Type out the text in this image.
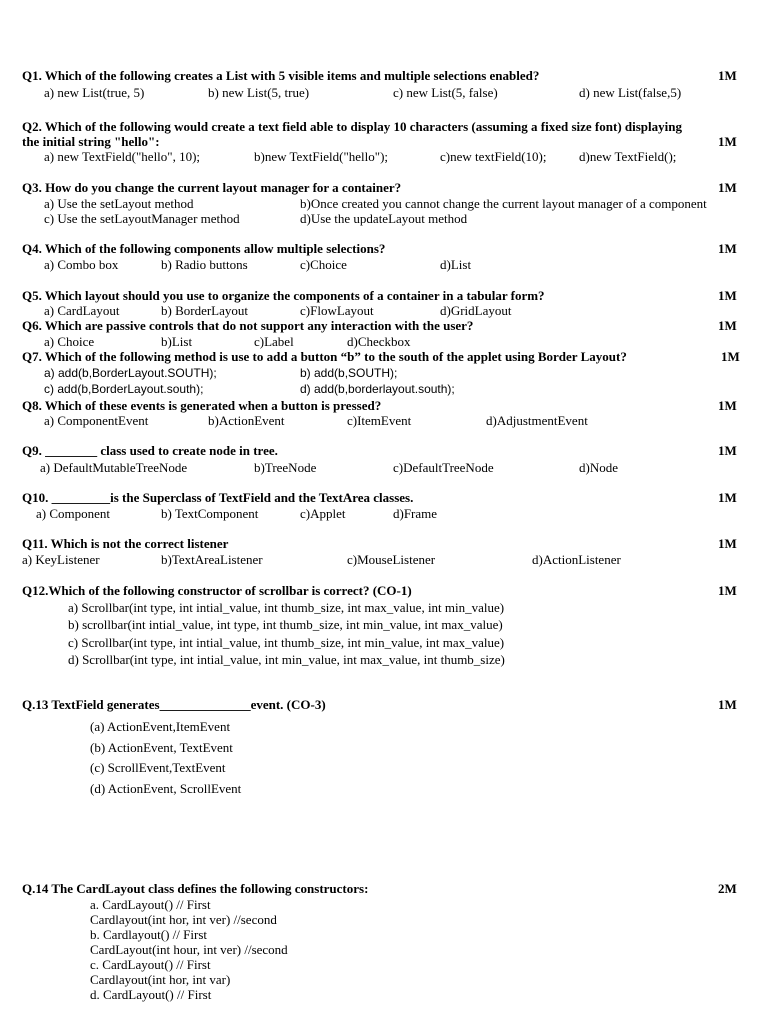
Q1. Which of the following creates a List with 5 visible items and multiple selections enabled?	1M
a) new List(true, 5)	b) new List(5, true)	c) new List(5, false)	d) new List(false,5)
Q2. Which of the following would create a text field able to display 10 characters (assuming a fixed size font) displaying
the initial string "hello":	1M
a) new TextField("hello", 10);	b)new TextField("hello");	c)new textField(10);	d)new TextField();
Q3. How do you change the current layout manager for a container?	1M
a) Use the setLayout method	b)Once created you cannot change the current layout manager of a component
c) Use the setLayoutManager method	d)Use the updateLayout method
Q4. Which of the following components allow multiple selections?	1M
a) Combo box	b) Radio buttons	c)Choice	d)List
Q5. Which layout should you use to organize the components of a container in a tabular form?	1M
a) CardLayout	b) BorderLayout	c)FlowLayout	d)GridLayout
Q6. Which are passive controls that do not support any interaction with the user?	1M
a) Choice	b)List	c)Label	d)Checkbox
Q7. Which of the following method is use to add a button “b” to the south of the applet using Border Layout?	1M
a) add(b,BorderLayout.SOUTH);	b) add(b,SOUTH);
c) add(b,BorderLayout.south);	d) add(b,borderlayout.south);
Q8. Which of these events is generated when a button is pressed?	1M
a) ComponentEvent	b)ActionEvent	c)ItemEvent	d)AdjustmentEvent
Q9. ________ class used to create node in tree.	1M
a) DefaultMutableTreeNode	b)TreeNode	c)DefaultTreeNode	d)Node
Q10. _________is the Superclass of TextField and the TextArea classes.	1M
a) Component	b) TextComponent	c)Applet	d)Frame
Q11. Which is not the correct listener	1M
a) KeyListener	b)TextAreaListener	c)MouseListener	d)ActionListener
Q12.Which of the following constructor of scrollbar is correct? (CO-1)	1M
a) Scrollbar(int type, int intial_value, int thumb_size, int max_value, int min_value)
b) scrollbar(int intial_value, int type, int thumb_size, int min_value, int max_value)
c) Scrollbar(int type, int intial_value, int thumb_size, int min_value, int max_value)
d) Scrollbar(int type, int intial_value, int min_value, int max_value, int thumb_size)
Q.13 TextField generates______________event. (CO-3)	1M
(a) ActionEvent,ItemEvent
(b) ActionEvent, TextEvent
(c) ScrollEvent,TextEvent
(d) ActionEvent, ScrollEvent
Q.14 The CardLayout class defines the following constructors:	2M
a. CardLayout() // First
Cardlayout(int hor, int ver) //second
b. Cardlayout() // First
CardLayout(int hour, int ver) //second
c. CardLayout() // First
Cardlayout(int hor, int var)
d. CardLayout() // First
